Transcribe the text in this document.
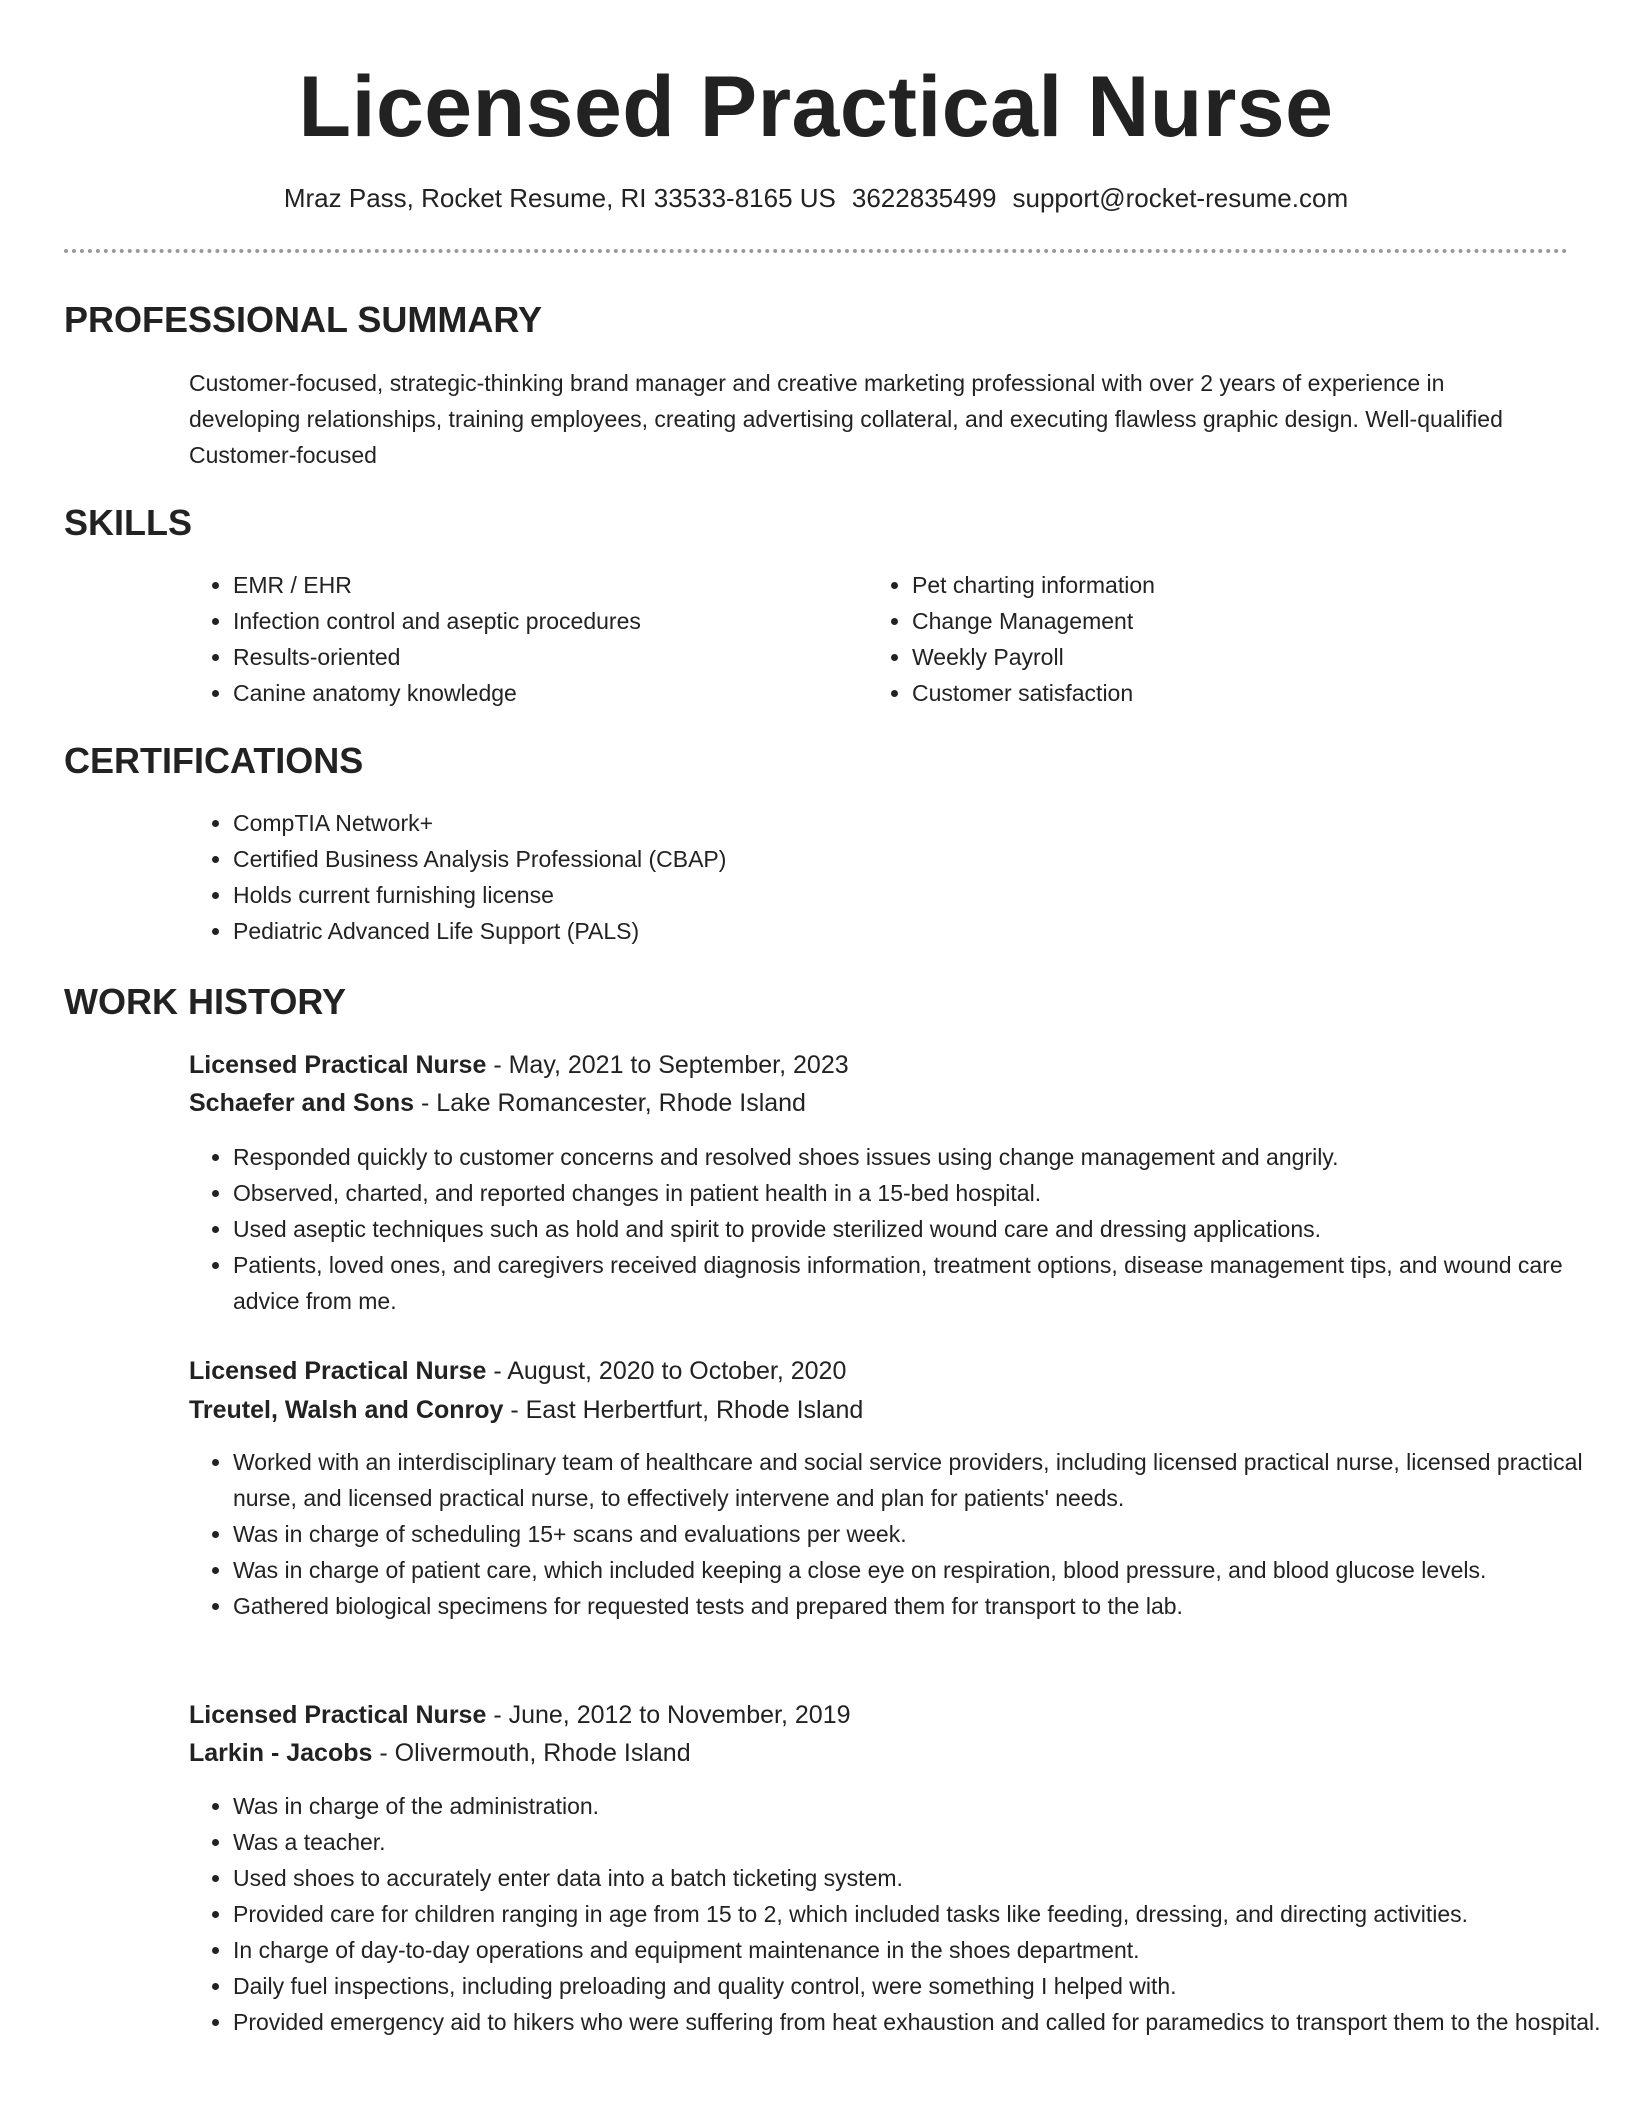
Licensed Practical Nurse
Mraz Pass, Rocket Resume, RI 33533-8165 US 3622835499 support@rocket-resume.com
PROFESSIONAL SUMMARY

Customer-focused, strategic-thinking brand manager and creative marketing professional with over 2 years of experience in developing relationships, training employees, creating advertising collateral, and executing flawless graphic design. Well-qualified Customer-focused

SKILLS
• EMR / EHR
• Infection control and aseptic procedures
• Results-oriented
• Canine anatomy knowledge
• Pet charting information
• Change Management
• Weekly Payroll
• Customer satisfaction
CERTIFICATIONS
• CompTIA Network+
• Certified Business Analysis Professional (CBAP)
• Holds current furnishing license
• Pediatric Advanced Life Support (PALS)
WORK HISTORY
Licensed Practical Nurse - May, 2021 to September, 2023
Schaefer and Sons - Lake Romancester, Rhode Island
• Responded quickly to customer concerns and resolved shoes issues using change management and angrily.
• Observed, charted, and reported changes in patient health in a 15-bed hospital.
• Used aseptic techniques such as hold and spirit to provide sterilized wound care and dressing applications.
• Patients, loved ones, and caregivers received diagnosis information, treatment options, disease management tips, and wound care advice from me.
Licensed Practical Nurse - August, 2020 to October, 2020
Treutel, Walsh and Conroy - East Herbertfurt, Rhode Island
• Worked with an interdisciplinary team of healthcare and social service providers, including licensed practical nurse, licensed practical nurse, and licensed practical nurse, to effectively intervene and plan for patients' needs.
• Was in charge of scheduling 15+ scans and evaluations per week.
• Was in charge of patient care, which included keeping a close eye on respiration, blood pressure, and blood glucose levels.
• Gathered biological specimens for requested tests and prepared them for transport to the lab.
Licensed Practical Nurse - June, 2012 to November, 2019
Larkin - Jacobs - Olivermouth, Rhode Island
• Was in charge of the administration.
• Was a teacher.
• Used shoes to accurately enter data into a batch ticketing system.
• Provided care for children ranging in age from 15 to 2, which included tasks like feeding, dressing, and directing activities.
• In charge of day-to-day operations and equipment maintenance in the shoes department.
• Daily fuel inspections, including preloading and quality control, were something I helped with.
• Provided emergency aid to hikers who were suffering from heat exhaustion and called for paramedics to transport them to the hospital.
